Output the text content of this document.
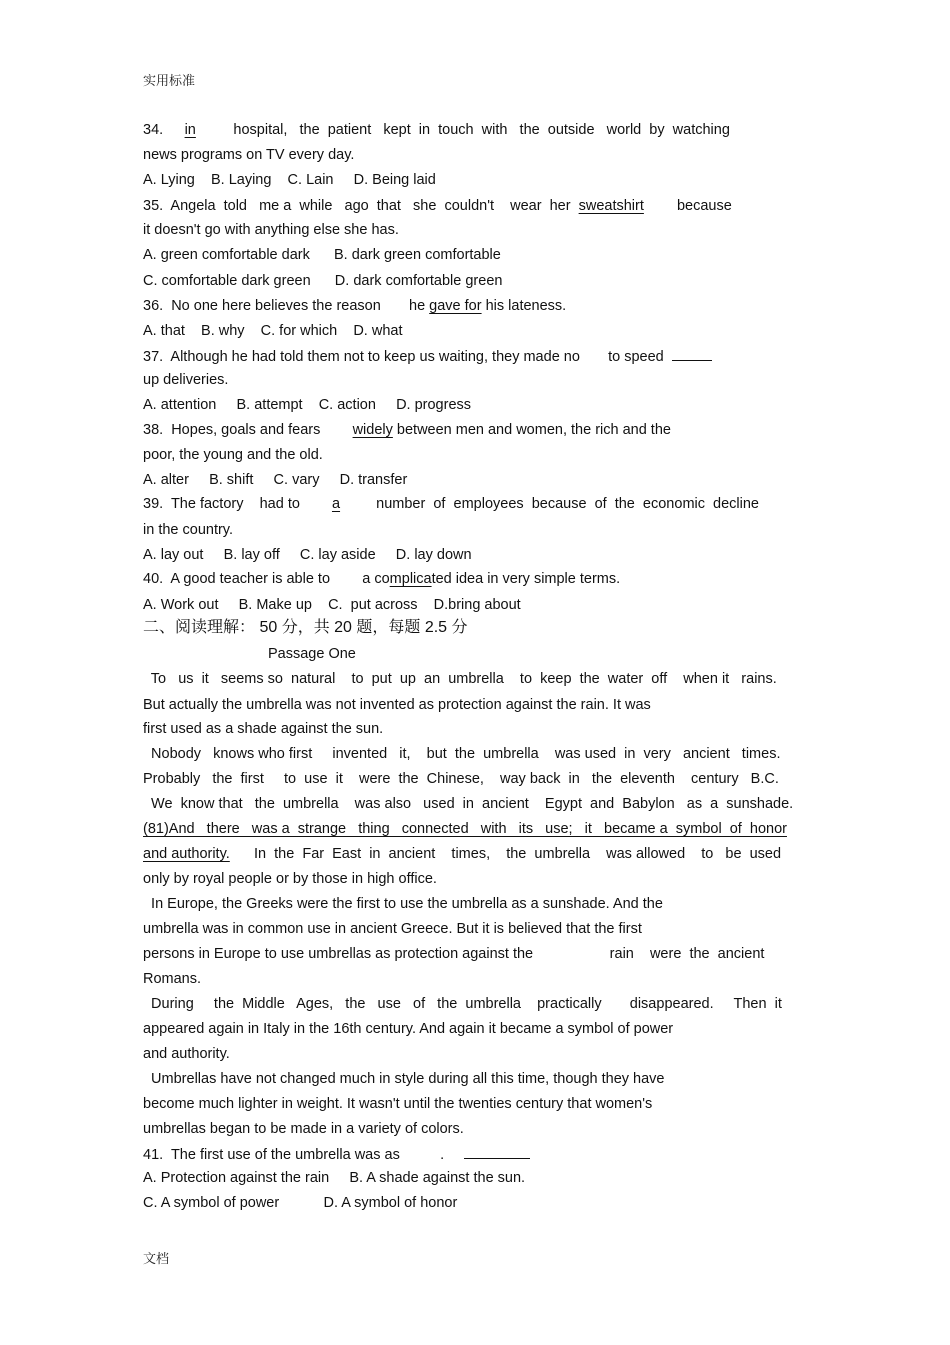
实用标准
34. in	hospital,   the  patient   kept  in  touch  with   the  outside   world  by  watching
news programs on TV every day.
A. Lying    B. Laying    C. Lain     D. Being laid
35.  Angela  told   me a  while   ago  that   she  couldn't    wear  her sweatshirt because
it doesn't go with anything else she has.
A. green comfortable dark      B. dark green comfortable
C. comfortable dark green      D. dark comfortable green
36.  No one here believes the reason       he gave for his lateness.
A. that    B. why    C. for which    D. what
37.  Although he had told them not to keep us waiting, they made no       to speed
up deliveries.
A. attention     B. attempt    C. action     D. progress
38.  Hopes, goals and fears widely between men and women, the rich and the
poor, the young and the old.
A. alter     B. shift     C. vary     D. transfer
39.  The factory    had to a number  of  employees  because  of  the  economic  decline
in the country.
A. lay out     B. lay off     C. lay aside     D. lay down
40.  A good teacher is able to        a complicated idea in very simple terms.
A. Work out     B. Make up    C.  put across    D.bring about
二、阅读理解： 50 分，共 20 题，每题 2.5 分
Passage One
To   us  it   seems so  natural    to  put  up  an  umbrella    to  keep  the  water  off    when it   rains.
But actually the umbrella was not invented as protection against the rain. It was
first used as a shade against the sun.
Nobody   knows who first     invented   it,    but  the  umbrella    was used  in  very   ancient   times.
Probably   the  first     to  use  it    were  the  Chinese,    way back  in   the  eleventh    century   B.C.
We  know that   the  umbrella    was also   used  in  ancient    Egypt  and  Babylon   as  a  sunshade.
(81)And   there   was a  strange   thing   connected   with   its   use;   it   became a  symbol  of  honor
and authority. In  the  Far  East  in  ancient    times,    the  umbrella    was allowed    to   be  used
only by royal people or by those in high office.
In Europe, the Greeks were the first to use the umbrella as a sunshade. And the
umbrella was in common use in ancient Greece. But it is believed that the first
persons in Europe to use umbrellas as protection against the	rain    were  the  ancient
Romans.
During     the  Middle   Ages,   the   use   of   the  umbrella    practically       disappeared.     Then  it
appeared again in Italy in the 16th century. And again it became a symbol of power
and authority.
Umbrellas have not changed much in style during all this time, though they have
become much lighter in weight. It wasn't until the twenties century that women's
umbrellas began to be made in a variety of colors.
41.  The first use of the umbrella was as          .
A. Protection against the rain     B. A shade against the sun.
C. A symbol of power           D. A symbol of honor
文档
